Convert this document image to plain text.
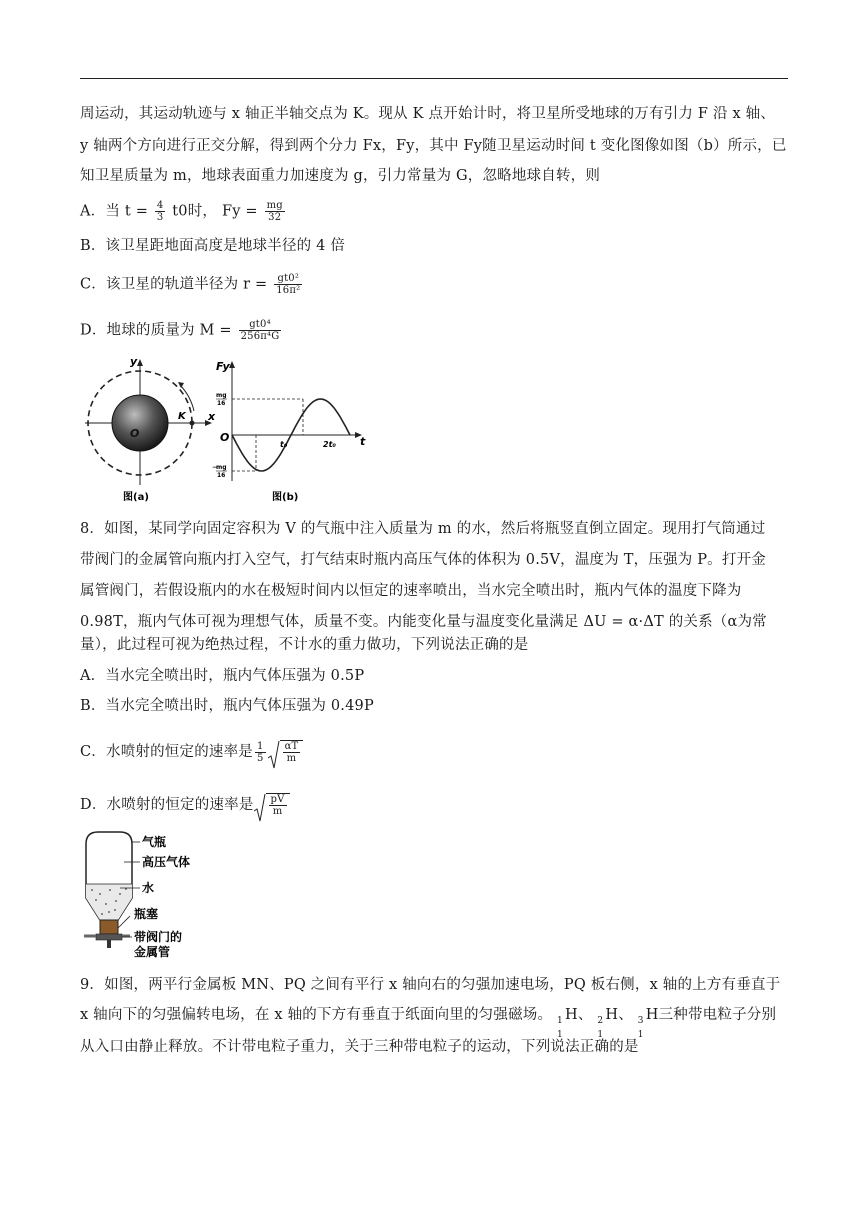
周运动，其运动轨迹与 x 轴正半轴交点为 K。现从 K 点开始计时，将卫星所受地球的万有引力 F 沿 x 轴、
y 轴两个方向进行正交分解，得到两个分力 Fx，Fy，其中 Fy随卫星运动时间 t 变化图像如图（b）所示，已
知卫星质量为 m，地球表面重力加速度为 g，引力常量为 G，忽略地球自转，则
A．当 $t = \frac{4}{3} t0$时， $Fy = \frac{mg}{32}$
B．该卫星距地面高度是地球半径的 4 倍
C．该卫星的轨道半径为 $r = \frac{\text{gt0²}}{\text{16π²}}$
D．地球的质量为 $M = \frac{\text{gt0⁴}}{\text{256π⁴G}}$
y
x
O
K
图(a)
Fy
O	t
t₀	2t₀
mg
16
−
mg
16
图(b)
8．如图，某同学向固定容积为 V 的气瓶中注入质量为 m 的水，然后将瓶竖直倒立固定。现用打气筒通过
带阀门的金属管向瓶内打入空气，打气结束时瓶内高压气体的体积为 0.5V，温度为 T，压强为 P。打开金
属管阀门，若假设瓶内的水在极短时间内以恒定的速率喷出，当水完全喷出时，瓶内气体的温度下降为
0.98T，瓶内气体可视为理想气体，质量不变。内能变化量与温度变化量满足 ΔU = α·ΔT 的关系（α为常
量），此过程可视为绝热过程，不计水的重力做功，下列说法正确的是
A．当水完全喷出时，瓶内气体压强为 0.5P
B．当水完全喷出时，瓶内气体压强为 0.49P
C．水喷射的恒定的速率是 $\frac{1}{5} \frac{\alpha T}{m}$
D．水喷射的恒定的速率是 $\frac{pV}{m}$
气瓶
高压气体
水
瓶塞
带阀门的
金属管
9．如图，两平行金属板 MN、PQ 之间有平行 x 轴向右的匀强加速电场，PQ 板右侧，x 轴的上方有垂直于
x 轴向下的匀强偏转电场，在 x 轴的下方有垂直于纸面向里的匀强磁场。 1
1
H、 2
1
H、 3
1
H三种带电粒子分别
从入口由静止释放。不计带电粒子重力，关于三种带电粒子的运动，下列说法正确的是
